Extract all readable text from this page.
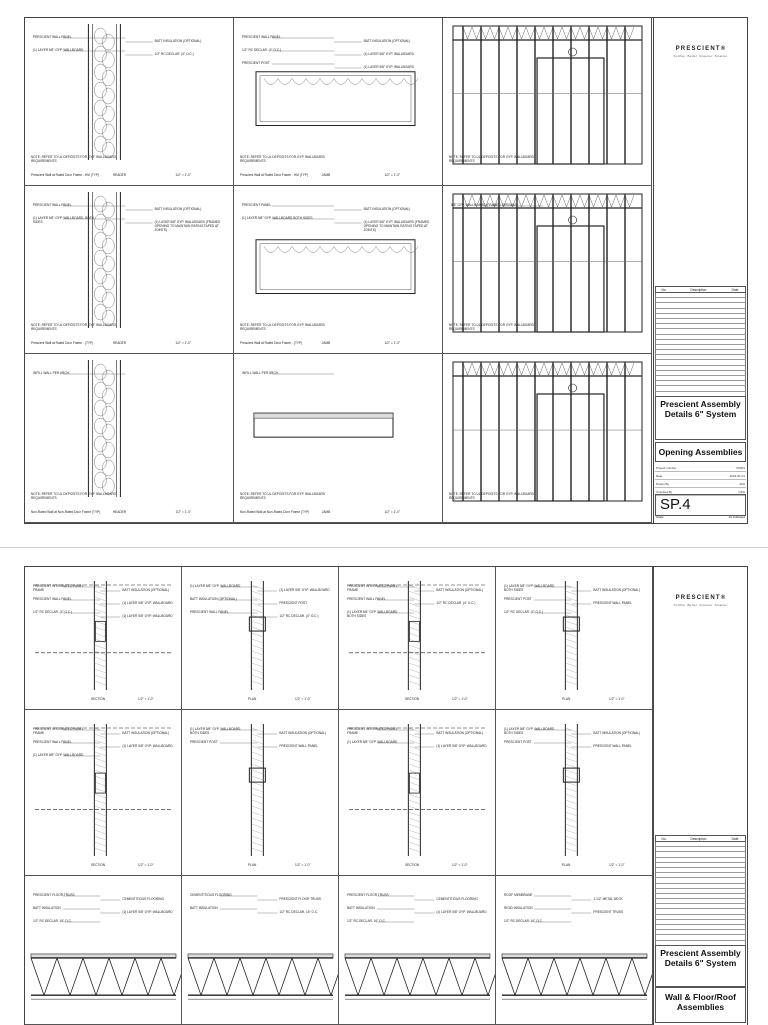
PRESCIENT WALL PANEL
BATT INSULATION (OPTIONAL)
(1) LAYER 5/8" GYP. WALLBOARD
1/2" RC DECLAR. (4" O.C.)
NOTE: REFER TO UL DEPOSITS FOR GYP. WALLBOARD REQUIREMENTS
Prescient Wall at Rated Door Frame - HM (TYP)	HEADER	1/2" = 1'-0"
PRESCIENT WALL PANEL
BATT INSULATION (OPTIONAL)
1/2" RC DECLAR. (4" O.C.)
(1) LAYER 5/8" GYP. WALLBOARD
PRESCIENT POST
(1) LAYER 5/8" GYP. WALLBOARD
NOTE: REFER TO UL DEPOSITS FOR GYP. WALLBOARD REQUIREMENTS
Prescient Wall at Rated Door Frame - HM (TYP)	JAMB	1/2" = 1'-0"
NOTE: REFER TO UL DEPOSITS FOR GYP. WALLBOARD REQUIREMENTS
PRESCIENT WALL PANEL
BATT INSULATION (OPTIONAL)
(1) LAYER 5/8" GYP. WALLBOARD, BOTH SIDES	(1) LAYER 5/8" GYP. WALLBOARD (FRAMED OPENING TO MAINTAIN RATING TAPED AT JOINTS)
NOTE: REFER TO UL DEPOSITS FOR GYP. WALLBOARD REQUIREMENTS
Prescient Wall at Rated Door Frame - (TYP)	HEADER	1/2" = 1'-0"
PRESCIENT PANEL
BATT INSULATION (OPTIONAL)
(1) LAYER 5/8" GYP. WALLBOARD BOTH SIDES
(1) LAYER 5/8" GYP. WALLBOARD (FRAMED OPENING TO MAINTAIN RATING TAPED AT JOINTS)
NOTE: REFER TO UL DEPOSITS FOR GYP. WALLBOARD REQUIREMENTS
Prescient Wall at Rated Door Frame - (TYP)	JAMB	1/2" = 1'-0"
5/8" GYP. WALLBOARD (FRAMED OPENING)
NOTE: REFER TO UL DEPOSITS FOR GYP. WALLBOARD REQUIREMENTS
INFILL WALL PER ARCH.
NOTE: REFER TO UL DEPOSITS FOR GYP. WALLBOARD REQUIREMENTS
Non-Rated Wall at Non-Rated Door Frame (TYP)	HEADER	1/2" = 1'-0"
INFILL WALL PER ARCH.
NOTE: REFER TO UL DEPOSITS FOR GYP. WALLBOARD REQUIREMENTS
Non-Rated Wall at Non-Rated Door Frame (TYP)	JAMB	1/2" = 1'-0"
NOTE: REFER TO UL DEPOSITS FOR GYP. WALLBOARD REQUIREMENTS
PRESCIENT®
Further. Better. Greener. Smarter.
No.	Description	Date
Prescient Assembly Details 6" System
Opening Assemblies
Project number	P0001
Date	2015-01-01
Drawn By	JDH
Checked By	GPH
SP.4
Scale	As indicated
PRESCIENT INTEGRATED PANEL FRAME	BATT INSULATION (OPTIONAL)
PRESCIENT WALL PANEL
(1) LAYER 5/8" GYP. WALLBOARD
1/2" RC DECLAR. (4" O.C.)
(1) LAYER 5/8" GYP. WALLBOARD
SECTION	1/2" = 1'-0"
(1) LAYER 5/8" GYP. WALLBOARD
(1) LAYER 5/8" GYP. WALLBOARD
BATT INSULATION (OPTIONAL)
PRESCIENT POST
PRESCIENT WALL PANEL
1/2" RC DECLAR. (4" O.C.)
PLAN	1/2" = 1'-0"
PRESCIENT INTEGRATED PANEL FRAME	BATT INSULATION (OPTIONAL)
PRESCIENT WALL PANEL
1/2" RC DECLAR. (4" O.C.)
(1) LAYER 5/8" GYP. WALLBOARD BOTH SIDES
SECTION	1/2" = 1'-0"
(1) LAYER 5/8" GYP. WALLBOARD BOTH SIDES	BATT INSULATION (OPTIONAL)
PRESCIENT POST
PRESCIENT WALL PANEL
1/2" RC DECLAR. (4" O.C.)
PLAN	1/2" = 1'-0"
PRESCIENT INTEGRATED PANEL FRAME	BATT INSULATION (OPTIONAL)
PRESCIENT WALL PANEL
(1) LAYER 5/8" GYP. WALLBOARD
(1) LAYER 5/8" GYP. WALLBOARD
SECTION	1/2" = 1'-0"
(1) LAYER 5/8" GYP. WALLBOARD BOTH SIDES	BATT INSULATION (OPTIONAL)
PRESCIENT POST
PRESCIENT WALL PANEL
PLAN	1/2" = 1'-0"
PRESCIENT INTEGRATED PANEL FRAME	BATT INSULATION (OPTIONAL)
(1) LAYER 5/8" GYP. WALLBOARD
(1) LAYER 5/8" GYP. WALLBOARD
SECTION	1/2" = 1'-0"
(1) LAYER 5/8" GYP. WALLBOARD BOTH SIDES	BATT INSULATION (OPTIONAL)
PRESCIENT POST
PRESCIENT WALL PANEL
PLAN	1/2" = 1'-0"
PRESCIENT FLOOR TRUSS
CEMENTITIOUS FLOORING
BATT INSULATION
(1) LAYER 5/8" GYP. WALLBOARD
1/2" RC DECLAR. 16" O.C.
CEMENTITIOUS FLOORING
PRESCIENT FLOOR TRUSS
BATT INSULATION
1/2" RC DECLAR. 16" O.C.
PRESCIENT FLOOR TRUSS
CEMENTITIOUS FLOORING
BATT INSULATION
(1) LAYER 5/8" GYP. WALLBOARD
1/2" RC DECLAR. 16" O.C.
ROOF MEMBRANE
1-1/2" METAL DECK
RIGID INSULATION
PRESCIENT TRUSS
1/2" RC DECLAR. 16" O.C.
PRESCIENT®
Further. Better. Greener. Smarter.
No.	Description	Date
Prescient Assembly Details 6" System
Wall & Floor/Roof Assemblies
